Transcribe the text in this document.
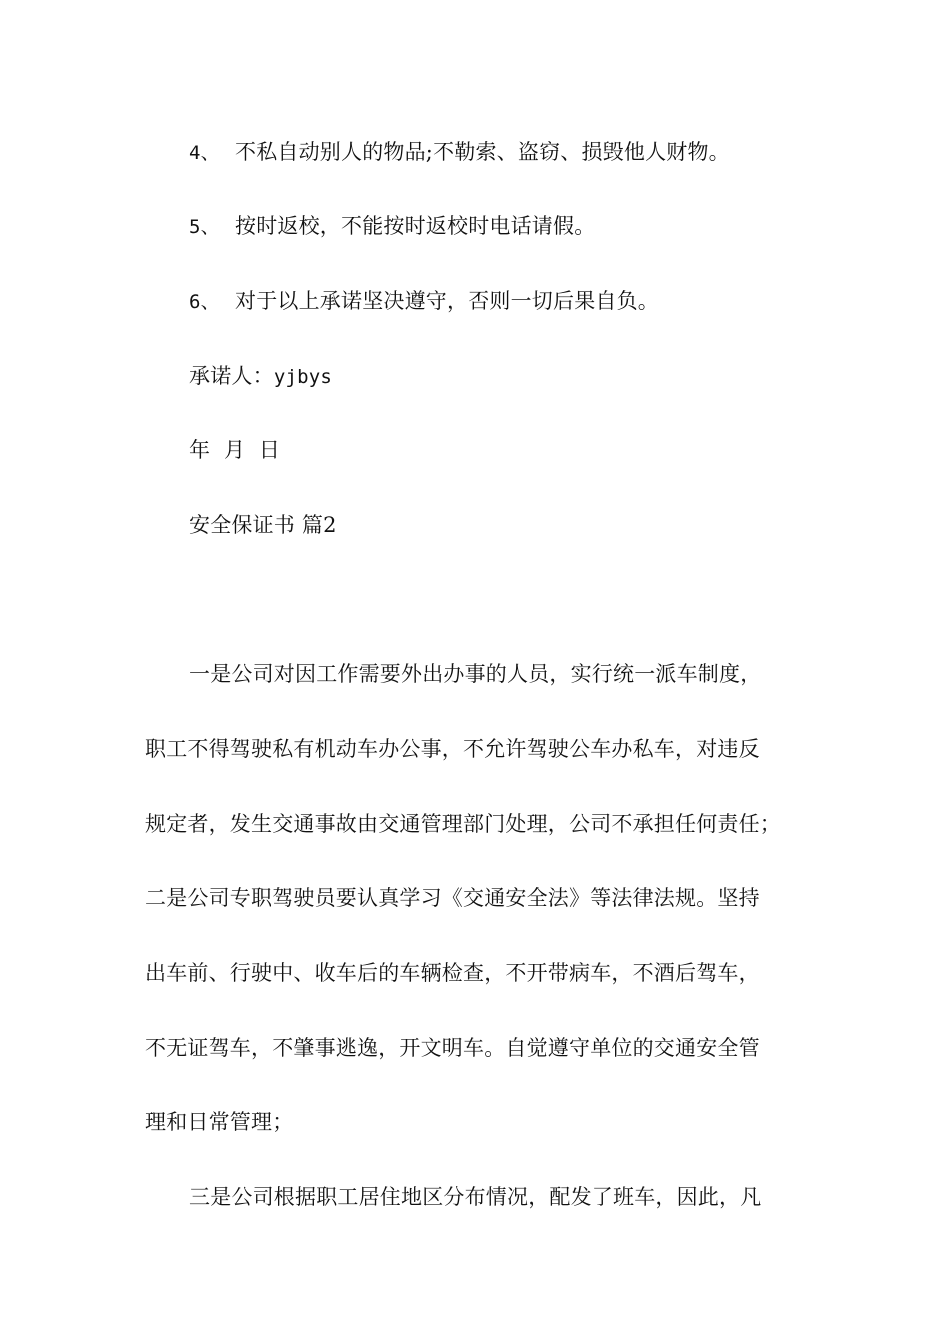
4、 不私自动别人的物品;不勒索、盗窃、损毁他人财物。
5、 按时返校，不能按时返校时电话请假。
6、 对于以上承诺坚决遵守，否则一切后果自负。
承诺人：yjbys
年  月  日
安全保证书 篇2
一是公司对因工作需要外出办事的人员，实行统一派车制度，
职工不得驾驶私有机动车办公事，不允许驾驶公车办私车，对违反
规定者，发生交通事故由交通管理部门处理，公司不承担任何责任；
二是公司专职驾驶员要认真学习《交通安全法》等法律法规。坚持
出车前、行驶中、收车后的车辆检查，不开带病车，不酒后驾车，
不无证驾车，不肇事逃逸，开文明车。自觉遵守单位的交通安全管
理和日常管理；
三是公司根据职工居住地区分布情况，配发了班车，因此，凡
